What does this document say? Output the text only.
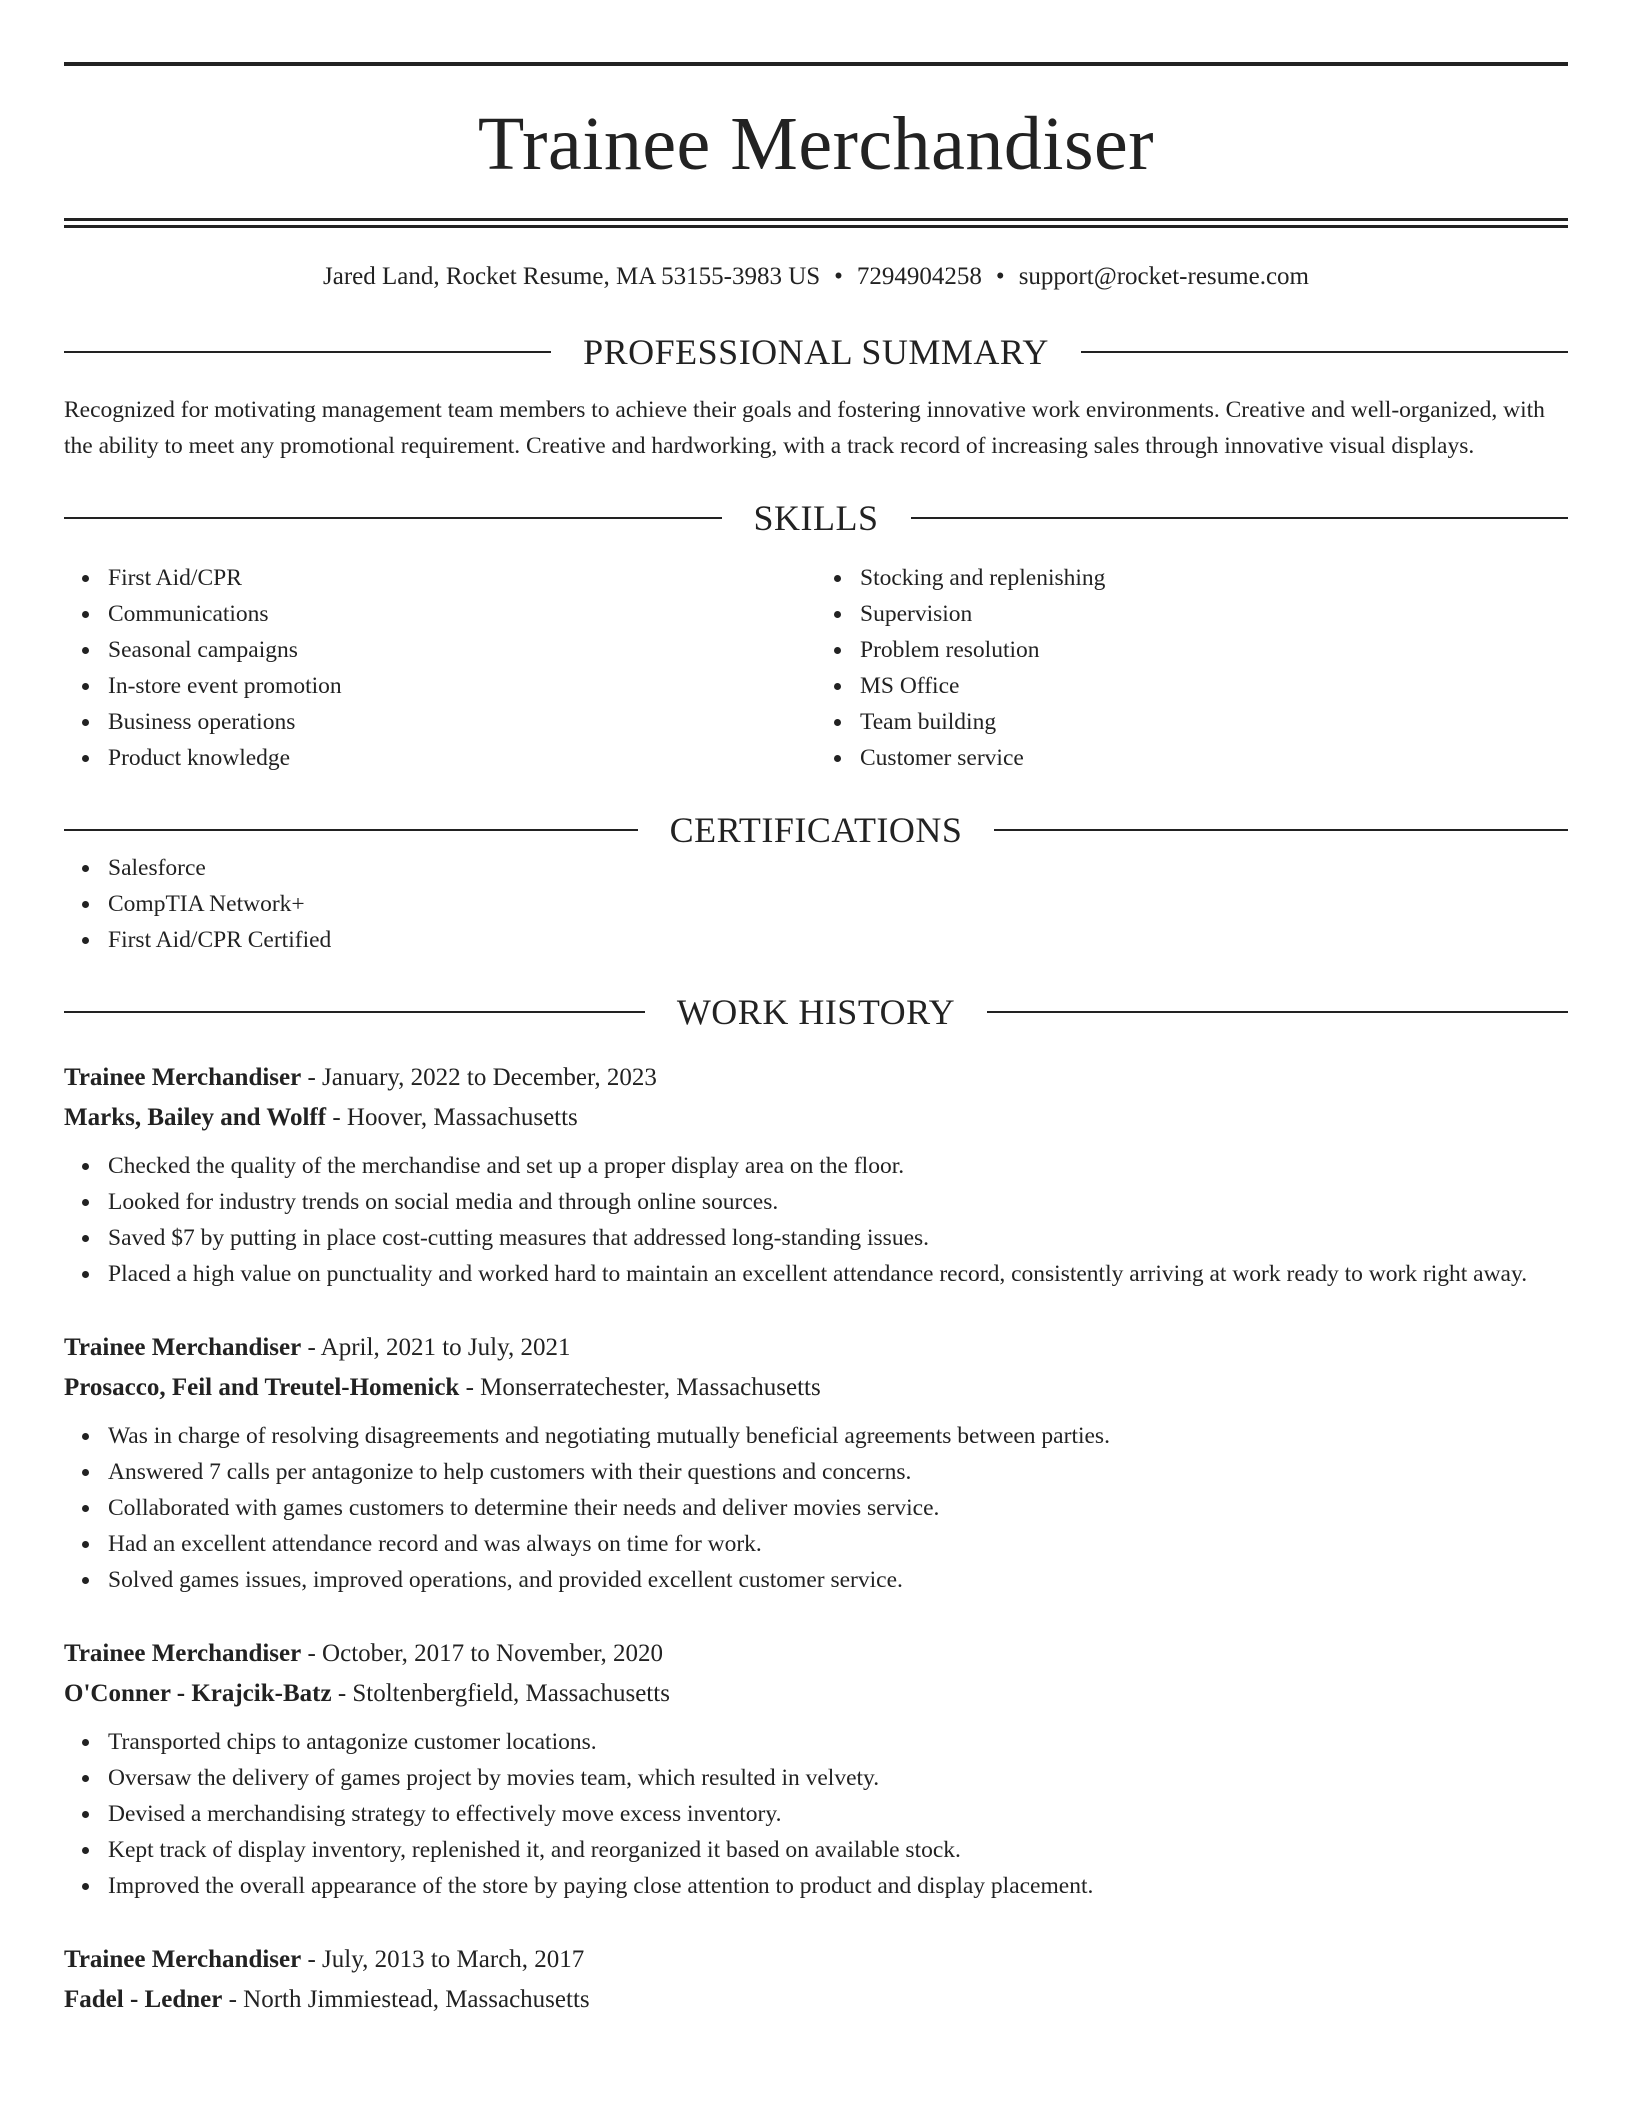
Trainee Merchandiser
Jared Land, Rocket Resume, MA 53155-3983 US • 7294904258 • support@rocket-resume.com
PROFESSIONAL SUMMARY

Recognized for motivating management team members to achieve their goals and fostering innovative work environments. Creative and well-organized, with the ability to meet any promotional requirement. Creative and hardworking, with a track record of increasing sales through innovative visual displays.

SKILLS
First Aid/CPR
Communications
Seasonal campaigns
In-store event promotion
Business operations
Product knowledge
Stocking and replenishing
Supervision
Problem resolution
MS Office
Team building
Customer service
CERTIFICATIONS
Salesforce
CompTIA Network+
First Aid/CPR Certified
WORK HISTORY
Trainee Merchandiser - January, 2022 to December, 2023
Marks, Bailey and Wolff - Hoover, Massachusetts
Checked the quality of the merchandise and set up a proper display area on the floor.
Looked for industry trends on social media and through online sources.
Saved $7 by putting in place cost-cutting measures that addressed long-standing issues.
Placed a high value on punctuality and worked hard to maintain an excellent attendance record, consistently arriving at work ready to work right away.
Trainee Merchandiser - April, 2021 to July, 2021
Prosacco, Feil and Treutel-Homenick - Monserratechester, Massachusetts
Was in charge of resolving disagreements and negotiating mutually beneficial agreements between parties.
Answered 7 calls per antagonize to help customers with their questions and concerns.
Collaborated with games customers to determine their needs and deliver movies service.
Had an excellent attendance record and was always on time for work.
Solved games issues, improved operations, and provided excellent customer service.
Trainee Merchandiser - October, 2017 to November, 2020
O'Conner - Krajcik-Batz - Stoltenbergfield, Massachusetts
Transported chips to antagonize customer locations.
Oversaw the delivery of games project by movies team, which resulted in velvety.
Devised a merchandising strategy to effectively move excess inventory.
Kept track of display inventory, replenished it, and reorganized it based on available stock.
Improved the overall appearance of the store by paying close attention to product and display placement.
Trainee Merchandiser - July, 2013 to March, 2017
Fadel - Ledner - North Jimmiestead, Massachusetts
